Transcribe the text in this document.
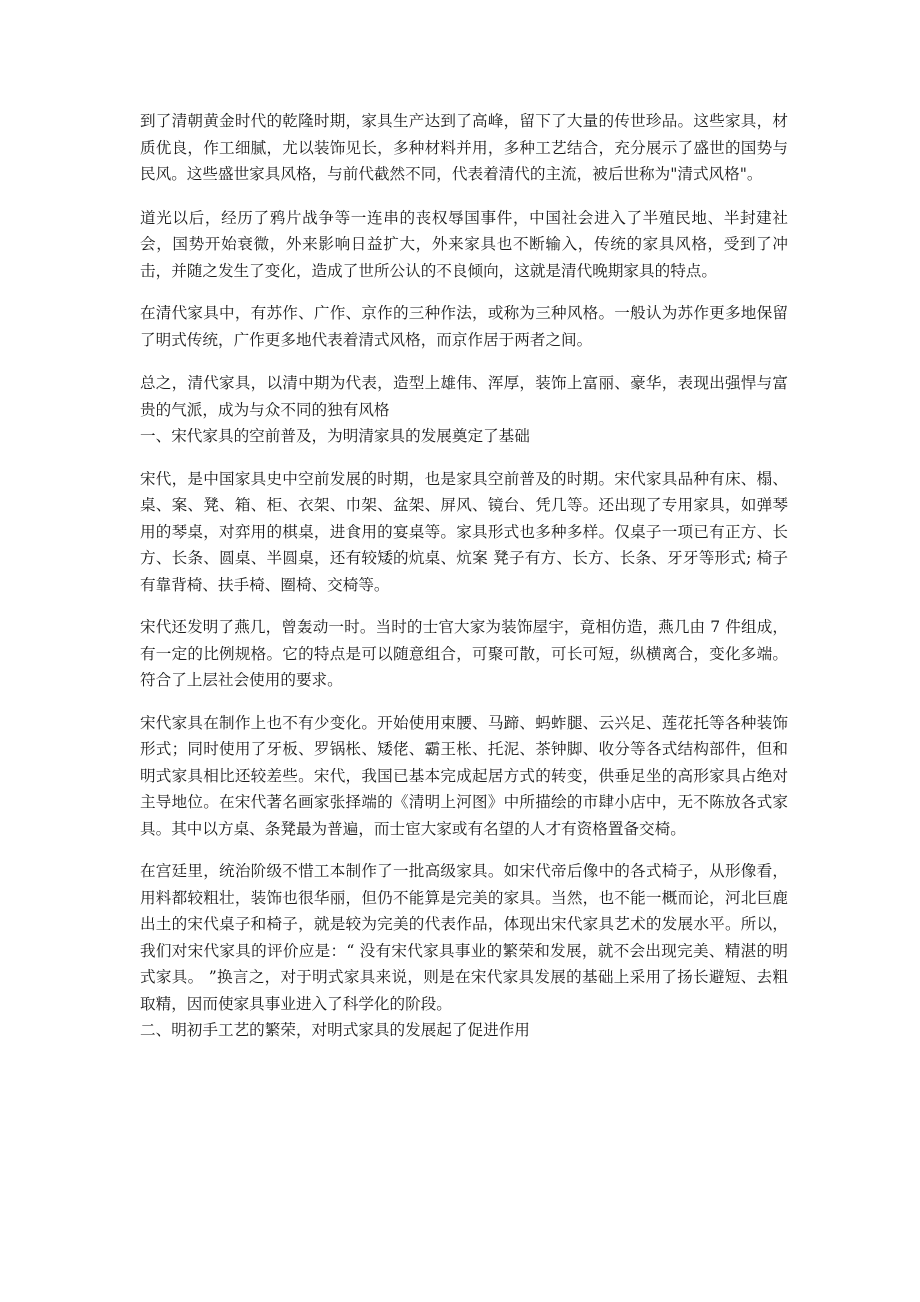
到了清朝黄金时代的乾隆时期，家具生产达到了高峰，留下了大量的传世珍品。这些家具，材质优良，作工细腻，尤以装饰见长，多种材料并用，多种工艺结合，充分展示了盛世的国势与民风。这些盛世家具风格，与前代截然不同，代表着清代的主流，被后世称为"清式风格"。

道光以后，经历了鸦片战争等一连串的丧权辱国事件，中国社会进入了半殖民地、半封建社会，国势开始衰微，外来影响日益扩大，外来家具也不断输入，传统的家具风格，受到了冲击，并随之发生了变化，造成了世所公认的不良倾向，这就是清代晚期家具的特点。

在清代家具中，有苏作、广作、京作的三种作法，或称为三种风格。一般认为苏作更多地保留了明式传统，广作更多地代表着清式风格，而京作居于两者之间。

总之，清代家具，以清中期为代表，造型上雄伟、浑厚，装饰上富丽、豪华，表现出强悍与富贵的气派，成为与众不同的独有风格

一、宋代家具的空前普及，为明清家具的发展奠定了基础

宋代，是中国家具史中空前发展的时期，也是家具空前普及的时期。宋代家具品种有床、榻、桌、案、凳、箱、柜、衣架、巾架、盆架、屏风、镜台、凭几等。还出现了专用家具，如弹琴用的琴桌，对弈用的棋桌，进食用的宴桌等。家具形式也多种多样。仅桌子一项已有正方、长方、长条、圆桌、半圆桌，还有较矮的炕桌、炕案 凳子有方、长方、长条、牙牙等形式; 椅子有靠背椅、扶手椅、圈椅、交椅等。

宋代还发明了燕几，曾轰动一时。当时的士官大家为装饰屋宇，竟相仿造，燕几由 7 件组成，有一定的比例规格。它的特点是可以随意组合，可聚可散，可长可短，纵横离合，变化多端。符合了上层社会使用的要求。

宋代家具在制作上也不有少变化。开始使用束腰、马蹄、蚂蚱腿、云兴足、莲花托等各种装饰形式；同时使用了牙板、罗锅枨、矮佬、霸王枨、托泥、茶钟脚、收分等各式结构部件，但和明式家具相比还较差些。宋代，我国已基本完成起居方式的转变，供垂足坐的高形家具占绝对主导地位。在宋代著名画家张择端的《清明上河图》中所描绘的市肆小店中，无不陈放各式家具。其中以方桌、条凳最为普遍，而士宦大家或有名望的人才有资格置备交椅。

在宫廷里，统治阶级不惜工本制作了一批高级家具。如宋代帝后像中的各式椅子，从形像看，用料都较粗壮，装饰也很华丽，但仍不能算是完美的家具。当然，也不能一概而论，河北巨鹿出土的宋代桌子和椅子，就是较为完美的代表作品，体现出宋代家具艺术的发展水平。所以，我们对宋代家具的评价应是：“ 没有宋代家具事业的繁荣和发展，就不会出现完美、精湛的明式家具。 ”换言之，对于明式家具来说，则是在宋代家具发展的基础上采用了扬长避短、去粗取精，因而使家具事业进入了科学化的阶段。

二、明初手工艺的繁荣，对明式家具的发展起了促进作用
